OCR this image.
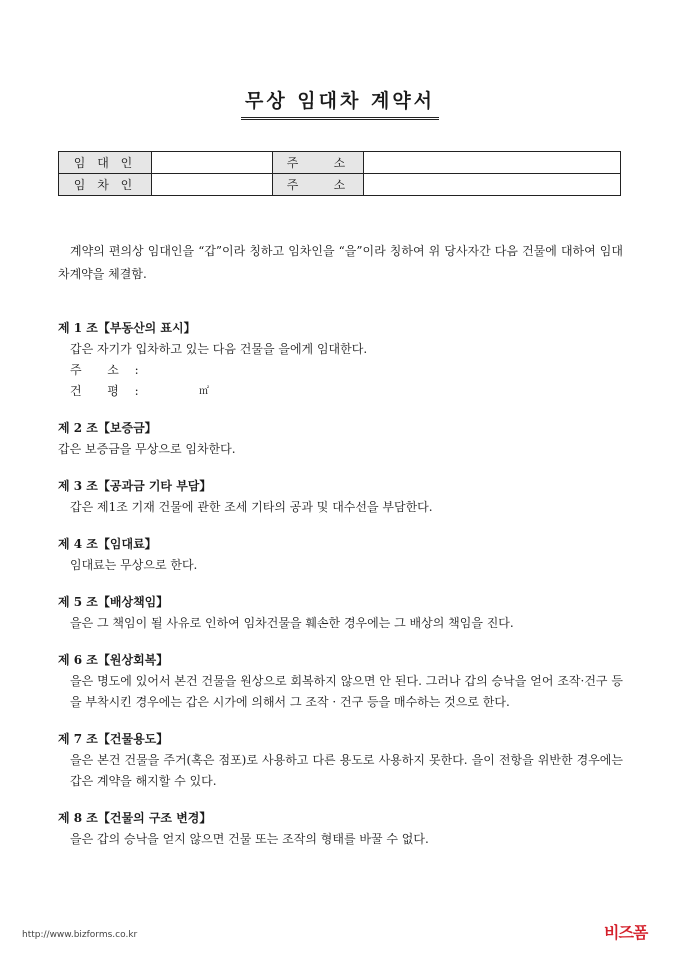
무상 임대차 계약서
임 대 인		주    소	
임 차 인		주    소	
계약의 편의상 임대인을 “갑”이라 칭하고 임차인을 “을”이라 칭하여 위 당사자간 다음 건물에 대하여 임대차계약을 체결함.
제 1 조【부동산의 표시】
갑은 자기가 입차하고 있는 다음 건물을 을에게 임대한다.
주  소 :
건  평 :	㎡
제 2 조【보증금】
갑은 보증금을 무상으로 임차한다.
제 3 조【공과금 기타 부담】
갑은 제1조 기재 건물에 관한 조세 기타의 공과 및 대수선을 부담한다.
제 4 조【임대료】
임대료는 무상으로 한다.
제 5 조【배상책임】
을은 그 책임이 될 사유로 인하여 임차건물을 훼손한 경우에는 그 배상의 책임을 진다.
제 6 조【원상회복】
을은 명도에 있어서 본건 건물을 원상으로 회복하지 않으면 안 된다. 그러나 갑의 승낙을 얻어 조작·건구 등을 부착시킨 경우에는 갑은 시가에 의해서 그 조작 · 건구 등을 매수하는 것으로 한다.
제 7 조【건물용도】
을은 본건 건물을 주거(혹은 점포)로 사용하고 다른 용도로 사용하지 못한다. 을이 전항을 위반한 경우에는 갑은 계약을 해지할 수 있다.
제 8 조【건물의 구조 변경】
을은 갑의 승낙을 얻지 않으면 건물 또는 조작의 형태를 바꿀 수 없다.
http://www.bizforms.co.kr	비즈폼
